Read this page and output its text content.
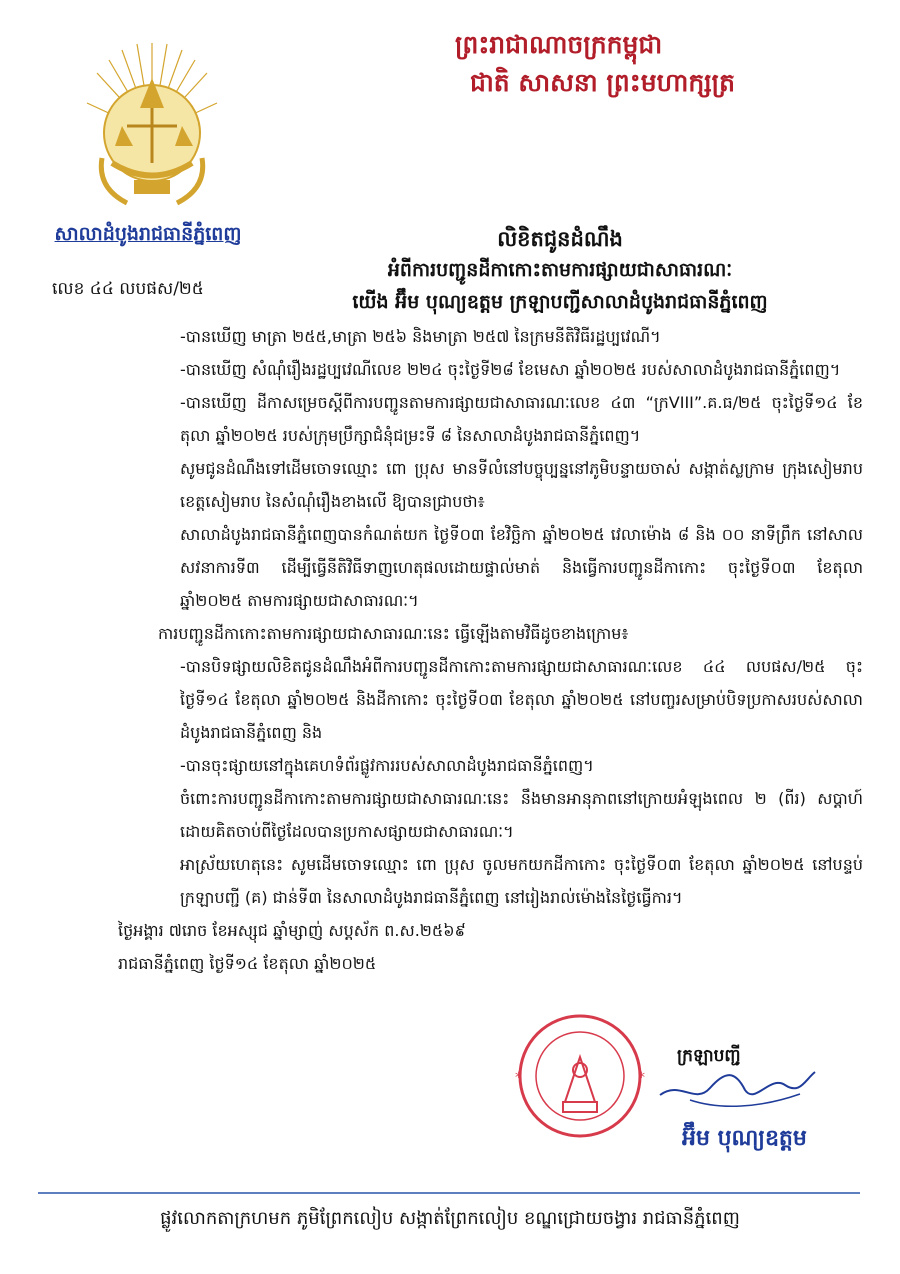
ព្រះរាជាណាចក្រកម្ពុជា
ជាតិ សាសនា ព្រះមហាក្សត្រ
សាលាដំបូងរាជធានីភ្នំពេញ
លេខ ៤៤ លបផស/២៥
លិខិតជូនដំណឹង
អំពីការបញ្ជូនដីកាកោះតាមការផ្សាយជាសាធារណៈ
យើង អ៊ឹម បុណ្យឧត្តម ក្រឡាបញ្ជីសាលាដំបូងរាជធានីភ្នំពេញ

-បានឃើញ មាត្រា ២៥៥,មាត្រា ២៥៦ និងមាត្រា ២៥៧ នៃក្រមនីតិវិធីរដ្ឋប្បវេណី។

-បានឃើញ សំណុំរឿងរដ្ឋប្បវេណីលេខ ២២៤ ចុះថ្ងៃទី២៨ ខែមេសា ឆ្នាំ២០២៥ របស់សាលាដំបូងរាជធានីភ្នំពេញ។

-បានឃើញ ដីកាសម្រេចស្តីពីការបញ្ជូនតាមការផ្សាយជាសាធារណៈលេខ ៤៣ “ក្រVIII”.គ.ធ/២៥ ចុះថ្ងៃទី១៤ ខែតុលា ឆ្នាំ២០២៥ របស់ក្រុមប្រឹក្សាជំនុំជម្រះទី ៨ នៃសាលាដំបូងរាជធានីភ្នំពេញ។

សូមជូនដំណឹងទៅដើមចោទឈ្មោះ ពោ ប្រុស មានទីលំនៅបច្ចុប្បន្ននៅភូមិបន្ទាយចាស់ សង្កាត់ស្លក្រាម ក្រុងសៀមរាប ខេត្តសៀមរាប នៃសំណុំរឿងខាងលើ ឱ្យបានជ្រាបថា៖

សាលាដំបូងរាជធានីភ្នំពេញបានកំណត់យក ថ្ងៃទី០៣ ខែវិច្ឆិកា ឆ្នាំ២០២៥ វេលាម៉ោង ៨ និង ០០ នាទីព្រឹក នៅសាលសវនាការទី៣ ដើម្បីធ្វើនីតិវិធីទាញហេតុផលដោយផ្ទាល់មាត់ និងធ្វើការបញ្ជូនដីកាកោះ ចុះថ្ងៃទី០៣ ខែតុលា ឆ្នាំ២០២៥ តាមការផ្សាយជាសាធារណៈ។

ការបញ្ជូនដីកាកោះតាមការផ្សាយជាសាធារណៈនេះ ធ្វើឡើងតាមវិធីដូចខាងក្រោម៖

-បានបិទផ្សាយលិខិតជូនដំណឹងអំពីការបញ្ជូនដីកាកោះតាមការផ្សាយជាសាធារណៈលេខ ៤៤ លបផស/២៥ ចុះថ្ងៃទី១៤ ខែតុលា ឆ្នាំ២០២៥ និងដីកាកោះ ចុះថ្ងៃទី០៣ ខែតុលា ឆ្នាំ២០២៥ នៅបញ្ចរសម្រាប់បិទប្រកាសរបស់សាលាដំបូងរាជធានីភ្នំពេញ និង

-បានចុះផ្សាយនៅក្នុងគេហទំព័រផ្លូវការរបស់សាលាដំបូងរាជធានីភ្នំពេញ។

ចំពោះការបញ្ជូនដីកាកោះតាមការផ្សាយជាសាធារណៈនេះ នឹងមានអានុភាពនៅក្រោយអំឡុងពេល ២ (ពីរ) សប្តាហ៍ ដោយគិតចាប់ពីថ្ងៃដែលបានប្រកាសផ្សាយជាសាធារណៈ។

អាស្រ័យហេតុនេះ សូមដើមចោទឈ្មោះ ពោ ប្រុស ចូលមកយកដីកាកោះ ចុះថ្ងៃទី០៣ ខែតុលា ឆ្នាំ២០២៥ នៅបន្ទប់ក្រឡាបញ្ជី (គ) ជាន់ទី៣ នៃសាលាដំបូងរាជធានីភ្នំពេញ នៅរៀងរាល់ម៉ោងនៃថ្ងៃធ្វើការ។

ថ្ងៃអង្គារ ៧រោច ខែអស្សុជ ឆ្នាំម្សាញ់ សប្តស័ក ព.ស.២៥៦៩

រាជធានីភ្នំពេញ ថ្ងៃទី១៤ ខែតុលា ឆ្នាំ២០២៥

*	*
ក្រឡាបញ្ជី
អ៊ឹម បុណ្យឧត្តម
ផ្លូវលោកតាក្រហមក ភូមិព្រែកលៀប សង្កាត់ព្រែកលៀប ខណ្ឌជ្រោយចង្វារ រាជធានីភ្នំពេញ
